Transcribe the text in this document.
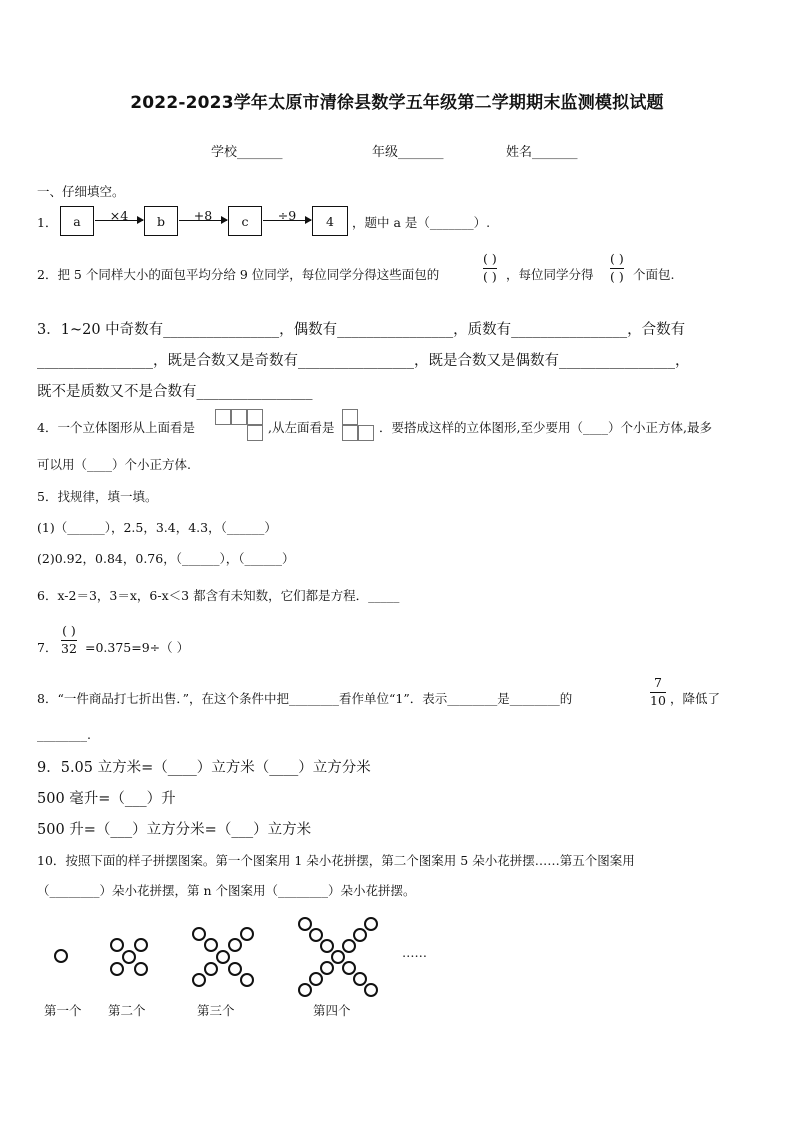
2022-2023学年太原市清徐县数学五年级第二学期期末监测模拟试题
学校_______	年级_______	姓名_______
一、仔细填空。
1．	a	×4	b	+8	c	÷9	4	，题中 a 是（_______）.
2．把 5 个同样大小的面包平均分给 9 位同学，每位同学分得这些面包的
( )
( ) ，每位同学分得
( )
( ) 个面包.
3．1~20 中奇数有________________，偶数有________________，质数有________________，合数有
________________，既是合数又是奇数有________________，既是合数又是偶数有________________，
既不是质数又不是合数有________________
4．一个立体图形从上面看是	,从左面看是	．要搭成这样的立体图形,至少要用（____）个小正方体,最多
可以用（____）个小正方体.
5．找规律，填一填。
(1)（______），2.5，3.4，4.3，（______）
(2)0.92，0.84，0.76，（______），（______）
6．x-2＝3，3＝x，6-x＜3 都含有未知数，它们都是方程．_____
7．
( )
32 =0.375=9÷（ ）
8．“一件商品打七折出售．”，在这个条件中把________看作单位“1”．表示________是________的
7
10 ，降低了
________.
9．5.05 立方米=（____）立方米（____）立方分米
500 毫升=（___）升
500 升=（___）立方分米=（___）立方米
10．按照下面的样子拼摆图案。第一个图案用 1 朵小花拼摆，第二个图案用 5 朵小花拼摆……第五个图案用
（________）朵小花拼摆，第 n 个图案用（________）朵小花拼摆。
……
第一个 第二个	第三个	第四个
